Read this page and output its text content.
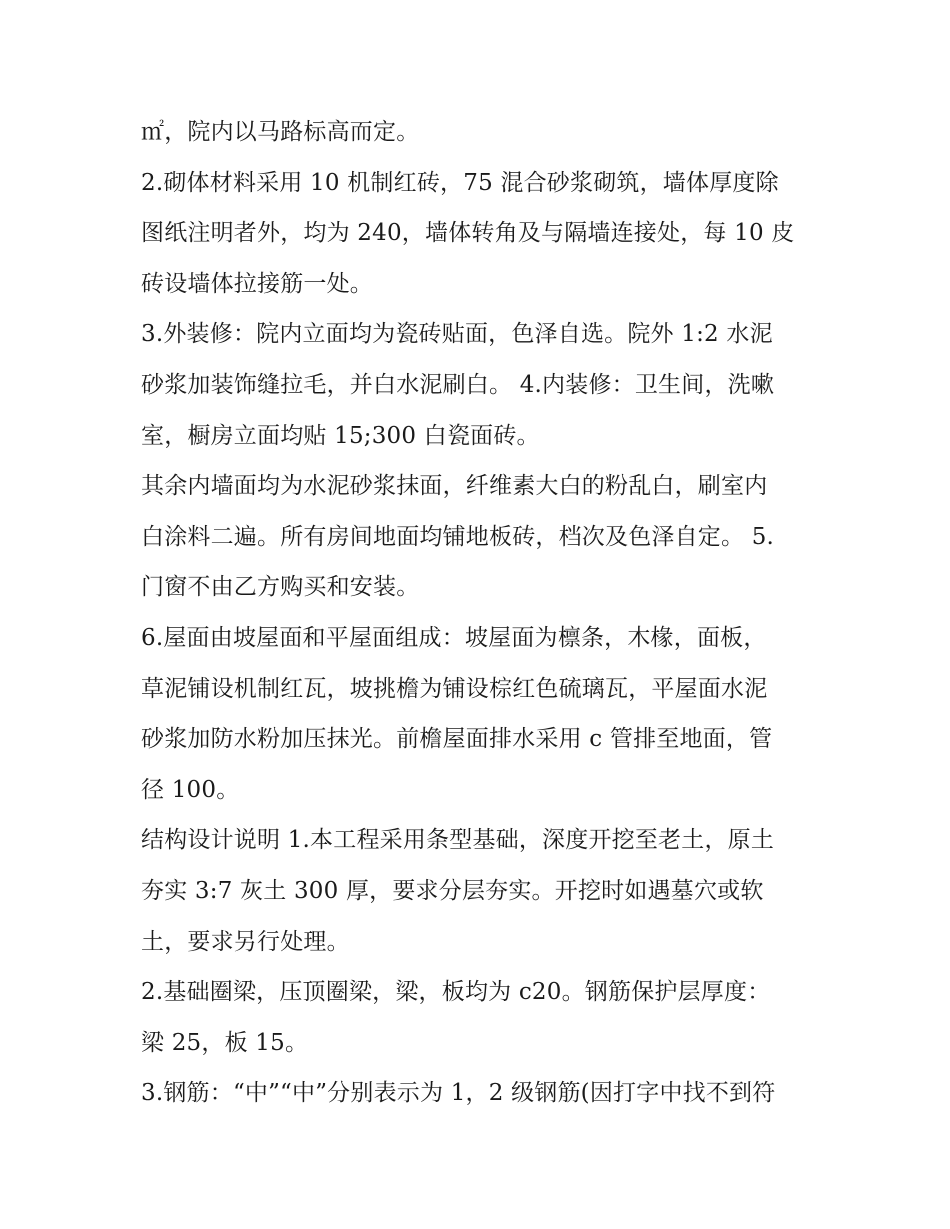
㎡，院内以马路标高而定。
2.砌体材料采用 10 机制红砖，75 混合砂浆砌筑，墙体厚度除
图纸注明者外，均为 240，墙体转角及与隔墙连接处，每 10 皮
砖设墙体拉接筋一处。
3.外装修：院内立面均为瓷砖贴面，色泽自选。院外 1:2 水泥
砂浆加装饰缝拉毛，并白水泥刷白。 4.内装修：卫生间，洗嗽
室，橱房立面均贴 15;300 白瓷面砖。
其余内墙面均为水泥砂浆抹面，纤维素大白的粉乱白，刷室内
白涂料二遍。所有房间地面均铺地板砖，档次及色泽自定。 5.
门窗不由乙方购买和安装。
6.屋面由坡屋面和平屋面组成：坡屋面为檩条，木椽，面板，
草泥铺设机制红瓦，坡挑檐为铺设棕红色硫璃瓦，平屋面水泥
砂浆加防水粉加压抹光。前檐屋面排水采用 c 管排至地面，管
径 100。
结构设计说明 1.本工程采用条型基础，深度开挖至老土，原土
夯实 3:7 灰土 300 厚，要求分层夯实。开挖时如遇墓穴或软
土，要求另行处理。
2.基础圈梁，压顶圈梁，梁，板均为 c20。钢筋保护层厚度：
梁 25，板 15。
3.钢筋：“中”“中”分别表示为 1，2 级钢筋(因打字中找不到符
